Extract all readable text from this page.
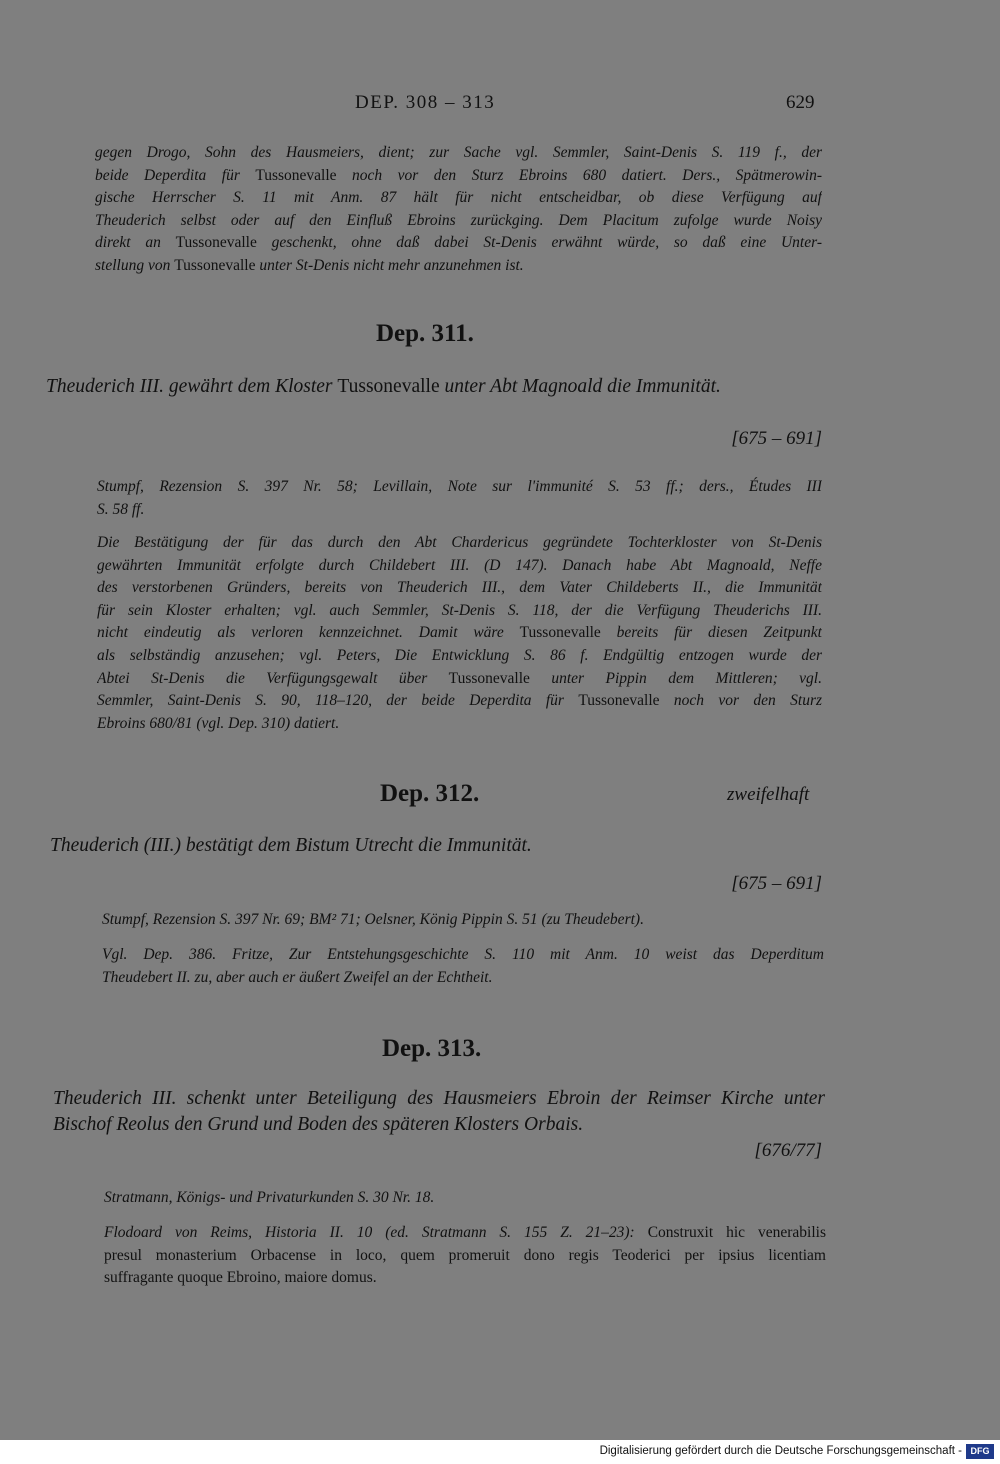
DEP. 308 – 313	629
gegen Drogo, Sohn des Hausmeiers, dient; zur Sache vgl. Semmler, Saint-Denis S. 119 f., der
beide Deperdita für Tussonevalle noch vor den Sturz Ebroins 680 datiert. Ders., Spätmerowin-
gische Herrscher S. 11 mit Anm. 87 hält für nicht entscheidbar, ob diese Verfügung auf
Theuderich selbst oder auf den Einfluß Ebroins zurückging. Dem Placitum zufolge wurde Noisy
direkt an Tussonevalle geschenkt, ohne daß dabei St-Denis erwähnt würde, so daß eine Unter-
stellung von Tussonevalle unter St-Denis nicht mehr anzunehmen ist.
Dep. 311.
Theuderich III. gewährt dem Kloster Tussonevalle unter Abt Magnoald die Immunität.
[675 – 691]
Stumpf, Rezension S. 397 Nr. 58; Levillain, Note sur l'immunité S. 53 ff.; ders., Études III
S. 58 ff.
Die Bestätigung der für das durch den Abt Chardericus gegründete Tochterkloster von St-Denis
gewährten Immunität erfolgte durch Childebert III. (D 147). Danach habe Abt Magnoald, Neffe
des verstorbenen Gründers, bereits von Theuderich III., dem Vater Childeberts II., die Immunität
für sein Kloster erhalten; vgl. auch Semmler, St-Denis S. 118, der die Verfügung Theuderichs III.
nicht eindeutig als verloren kennzeichnet. Damit wäre Tussonevalle bereits für diesen Zeitpunkt
als selbständig anzusehen; vgl. Peters, Die Entwicklung S. 86 f. Endgültig entzogen wurde der
Abtei St-Denis die Verfügungsgewalt über Tussonevalle unter Pippin dem Mittleren; vgl.
Semmler, Saint-Denis S. 90, 118–120, der beide Deperdita für Tussonevalle noch vor den Sturz
Ebroins 680/81 (vgl. Dep. 310) datiert.
Dep. 312.	zweifelhaft
Theuderich (III.) bestätigt dem Bistum Utrecht die Immunität.
[675 – 691]
Stumpf, Rezension S. 397 Nr. 69; BM² 71; Oelsner, König Pippin S. 51 (zu Theudebert).
Vgl. Dep. 386. Fritze, Zur Entstehungsgeschichte S. 110 mit Anm. 10 weist das Deperditum
Theudebert II. zu, aber auch er äußert Zweifel an der Echtheit.
Dep. 313.
Theuderich III. schenkt unter Beteiligung des Hausmeiers Ebroin der Reimser Kirche unter
Bischof Reolus den Grund und Boden des späteren Klosters Orbais.
[676/77]
Stratmann, Königs- und Privaturkunden S. 30 Nr. 18.
Flodoard von Reims, Historia II. 10 (ed. Stratmann S. 155 Z. 21–23): Construxit hic venerabilis
presul monasterium Orbacense in loco, quem promeruit dono regis Teoderici per ipsius licentiam
suffragante quoque Ebroino, maiore domus.
Digitalisierung gefördert durch die Deutsche Forschungsgemeinschaft - DFG
